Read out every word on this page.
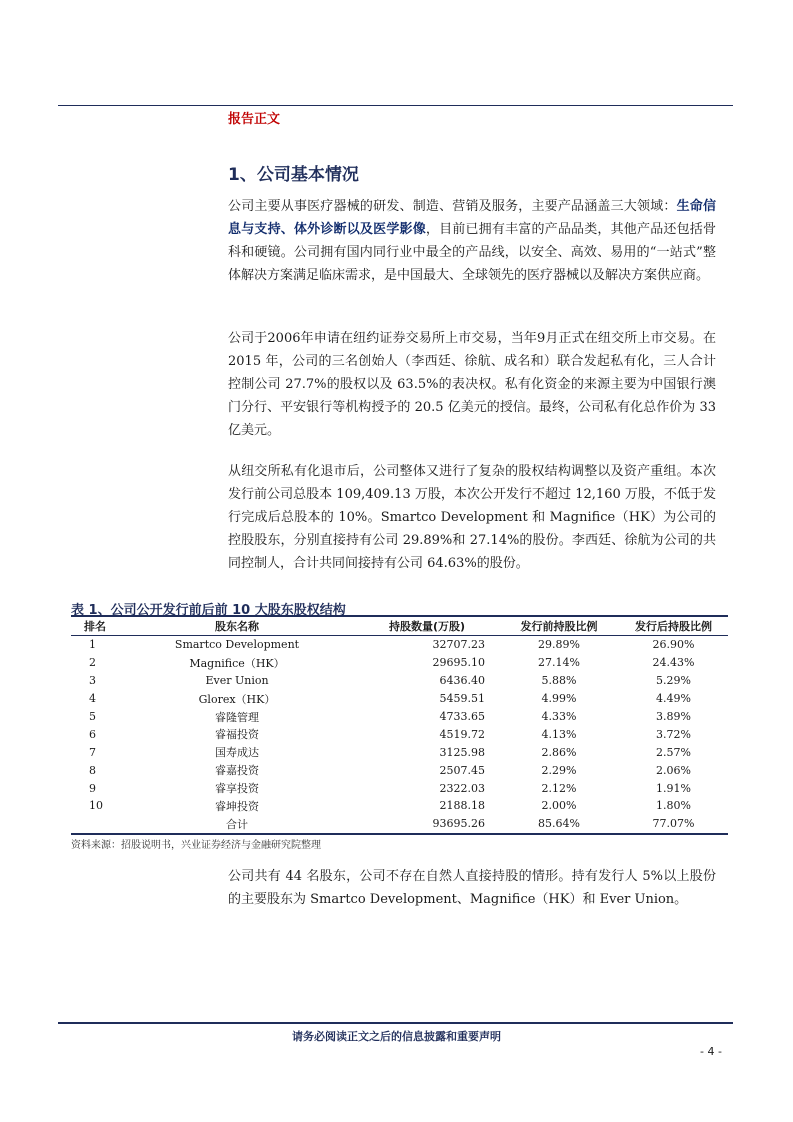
报告正文
1、公司基本情况

公司主要从事医疗器械的研发、制造、营销及服务，主要产品涵盖三大领域：生命信息与支持、体外诊断以及医学影像，目前已拥有丰富的产品品类，其他产品还包括骨科和硬镜。公司拥有国内同行业中最全的产品线，以安全、高效、易用的“一站式”整体解决方案满足临床需求，是中国最大、全球领先的医疗器械以及解决方案供应商。

公司于2006年申请在纽约证券交易所上市交易，当年9月正式在纽交所上市交易。在 2015 年，公司的三名创始人（李西廷、徐航、成名和）联合发起私有化，三人合计控制公司 27.7%的股权以及 63.5%的表决权。私有化资金的来源主要为中国银行澳门分行、平安银行等机构授予的 20.5 亿美元的授信。最终，公司私有化总作价为 33 亿美元。

从纽交所私有化退市后，公司整体又进行了复杂的股权结构调整以及资产重组。本次发行前公司总股本 109,409.13 万股，本次公开发行不超过 12,160 万股，不低于发行完成后总股本的 10%。Smartco Development 和 Magnifice（HK）为公司的控股股东，分别直接持有公司 29.89%和 27.14%的股份。李西廷、徐航为公司的共同控制人，合计共同间接持有公司 64.63%的股份。

表 1、公司公开发行前后前 10 大股东股权结构

排名	股东名称	持股数量(万股)	发行前持股比例	发行后持股比例
1	Smartco Development	32707.23	29.89%	26.90%
2	Magnifice（HK）	29695.10	27.14%	24.43%
3	Ever Union	6436.40	5.88%	5.29%
4	Glorex（HK）	5459.51	4.99%	4.49%
5	睿隆管理	4733.65	4.33%	3.89%
6	睿福投资	4519.72	4.13%	3.72%
7	国寿成达	3125.98	2.86%	2.57%
8	睿嘉投资	2507.45	2.29%	2.06%
9	睿享投资	2322.03	2.12%	1.91%
10	睿坤投资	2188.18	2.00%	1.80%
	合计	93695.26	85.64%	77.07%

资料来源：招股说明书，兴业证券经济与金融研究院整理

公司共有 44 名股东，公司不存在自然人直接持股的情形。持有发行人 5%以上股份的主要股东为 Smartco Development、Magnifice（HK）和 Ever Union。

请务必阅读正文之后的信息披露和重要声明
- 4 -
